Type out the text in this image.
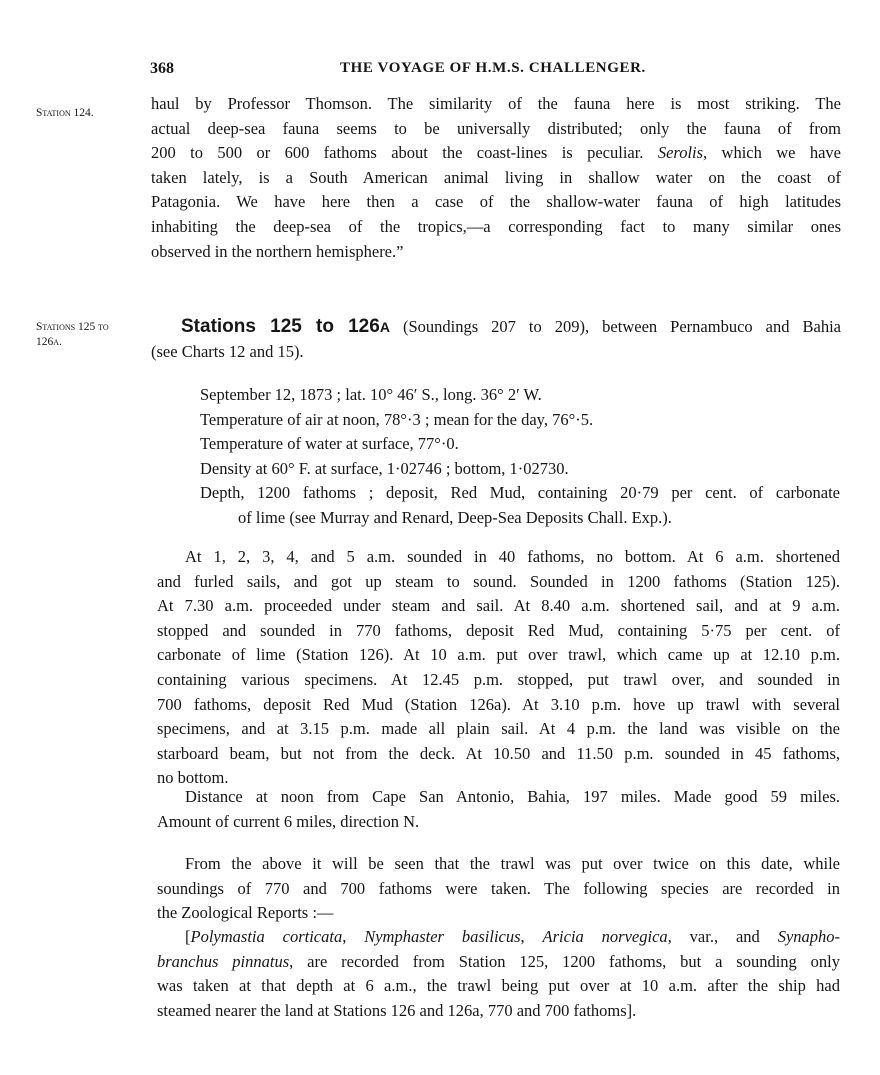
368	THE VOYAGE OF H.M.S. CHALLENGER.
Station 124.
Stations 125 to
126a.
haul by Professor Thomson. The similarity of the fauna here is most striking. The
actual deep-sea fauna seems to be universally distributed; only the fauna of from
200 to 500 or 600 fathoms about the coast-lines is peculiar. Serolis, which we have
taken lately, is a South American animal living in shallow water on the coast of
Patagonia. We have here then a case of the shallow-water fauna of high latitudes
inhabiting the deep-sea of the tropics,—a corresponding fact to many similar ones
observed in the northern hemisphere.”
Stations 125 to 126A (Soundings 207 to 209), between Pernambuco and Bahia
(see Charts 12 and 15).
September 12, 1873 ; lat. 10° 46′ S., long. 36° 2′ W.
Temperature of air at noon, 78°·3 ; mean for the day, 76°·5.
Temperature of water at surface, 77°·0.
Density at 60° F. at surface, 1·02746 ; bottom, 1·02730.
Depth, 1200 fathoms ; deposit, Red Mud, containing 20·79 per cent. of carbonate
of lime (see Murray and Renard, Deep-Sea Deposits Chall. Exp.).
At 1, 2, 3, 4, and 5 a.m. sounded in 40 fathoms, no bottom. At 6 a.m. shortened
and furled sails, and got up steam to sound. Sounded in 1200 fathoms (Station 125).
At 7.30 a.m. proceeded under steam and sail. At 8.40 a.m. shortened sail, and at 9 a.m.
stopped and sounded in 770 fathoms, deposit Red Mud, containing 5·75 per cent. of
carbonate of lime (Station 126). At 10 a.m. put over trawl, which came up at 12.10 p.m.
containing various specimens. At 12.45 p.m. stopped, put trawl over, and sounded in
700 fathoms, deposit Red Mud (Station 126a). At 3.10 p.m. hove up trawl with several
specimens, and at 3.15 p.m. made all plain sail. At 4 p.m. the land was visible on the
starboard beam, but not from the deck. At 10.50 and 11.50 p.m. sounded in 45 fathoms,
no bottom.
Distance at noon from Cape San Antonio, Bahia, 197 miles. Made good 59 miles.
Amount of current 6 miles, direction N.
From the above it will be seen that the trawl was put over twice on this date, while
soundings of 770 and 700 fathoms were taken. The following species are recorded in
the Zoological Reports :—
[Polymastia corticata, Nymphaster basilicus, Aricia norvegica, var., and Synapho-
branchus pinnatus, are recorded from Station 125, 1200 fathoms, but a sounding only
was taken at that depth at 6 a.m., the trawl being put over at 10 a.m. after the ship had
steamed nearer the land at Stations 126 and 126a, 770 and 700 fathoms].
